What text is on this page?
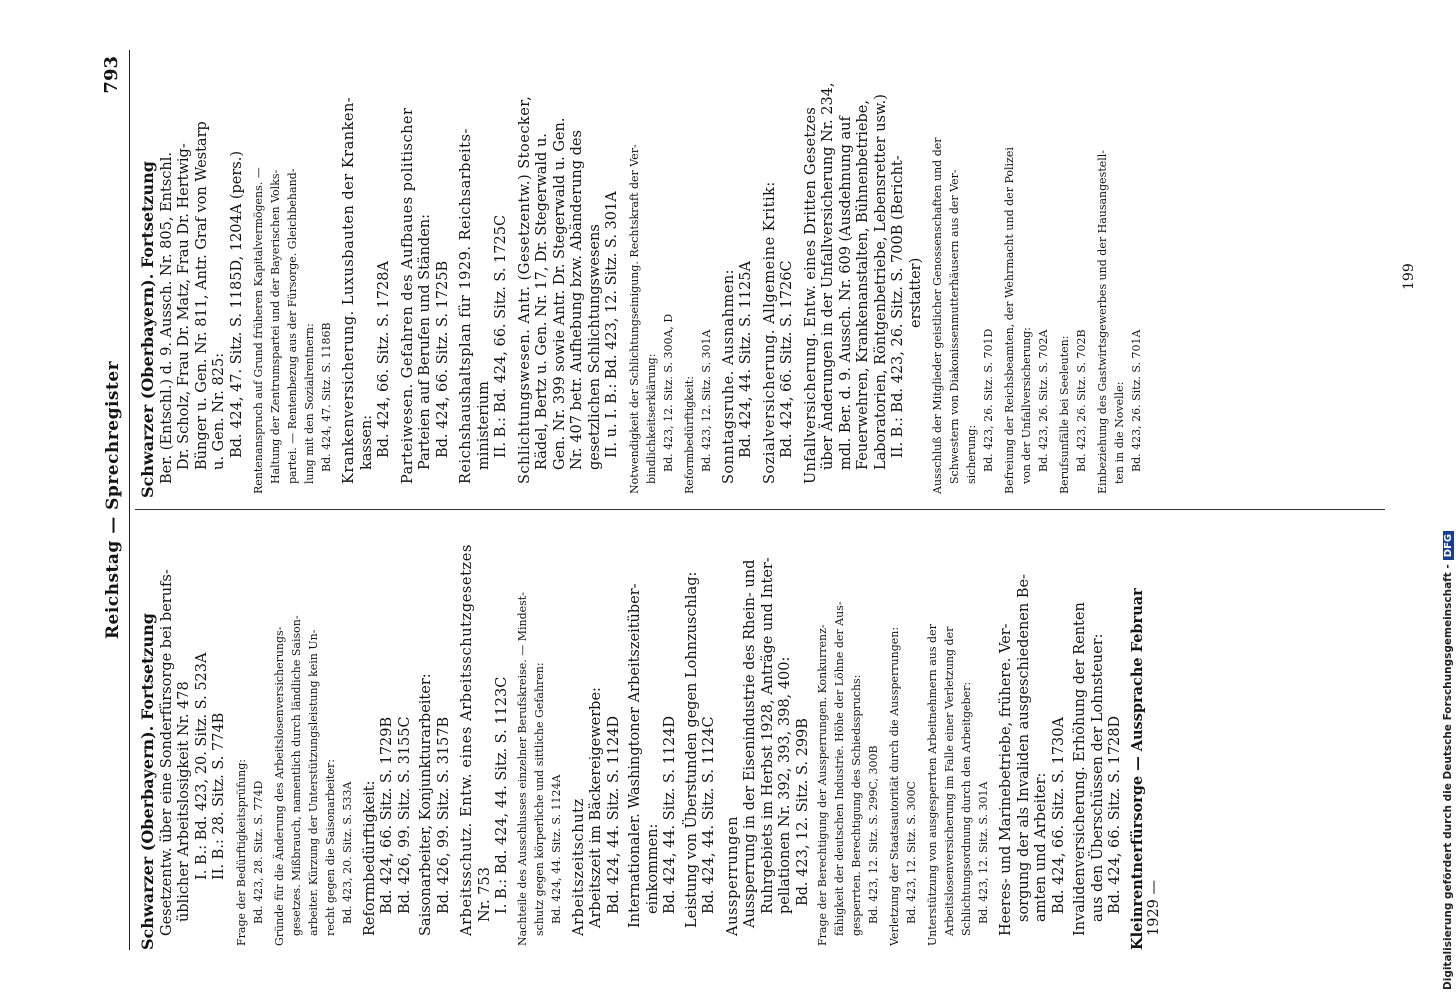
Reichstag — Sprechregister
793

Schwarzer (Oberbayern). Fortsetzung Gesetzentw. über eine Sonderfürsorge bei berufs- üblicher Arbeitslosigkeit Nr. 478 I. B.: Bd. 423, 20. Sitz. S. 523A II. B.: 28. Sitz. S. 774B Frage der Bedürftigkeitsprüfung: Bd. 423, 28. Sitz. S. 774D Gründe für die Änderung des Arbeitslosenversicherungs- gesetzes. Mißbrauch, namentlich durch ländliche Saison- arbeiter. Kürzung der Unterstützungsleistung kein Un- recht gegen die Saisonarbeiter: Bd. 423, 20. Sitz. S. 533A Reformbedürftigkeit: Bd. 424, 66. Sitz. S. 1729B Bd. 426, 99. Sitz. S. 3155C Saisonarbeiter, Konjunkturarbeiter: Bd. 426, 99. Sitz. S. 3157B Arbeitsschutz. Entw. eines Arbeitsschutzgesetzes Nr. 753 I. B.: Bd. 424, 44. Sitz. S. 1123C Nachteile des Ausschlusses einzelner Berufskreise. — Mindest- schutz gegen körperliche und sittliche Gefahren: Bd. 424, 44. Sitz. S. 1124A Arbeitszeitschutz Arbeitszeit im Bäckereigewerbe: Bd. 424, 44. Sitz. S. 1124D Internationaler. Washingtoner Arbeitszeitüber- einkommen: Bd. 424, 44. Sitz. S. 1124D Leistung von Überstunden gegen Lohnzuschlag: Bd. 424, 44. Sitz. S. 1124C Aussperrungen Aussperrung in der Eisenindustrie des Rhein- und Ruhrgebiets im Herbst 1928, Anträge und Inter- pellationen Nr. 392, 393, 398, 400: Bd. 423, 12. Sitz. S. 299B Frage der Berechtigung der Aussperrungen. Konkurrenz- fähigkeit der deutschen Industrie. Höhe der Löhne der Aus- gesperrten. Berechtigung des Schiedsspruchs: Bd. 423, 12. Sitz. S. 299C, 300B Verletzung der Staatsautorität durch die Aussperrungen: Bd. 423, 12. Sitz. S. 300C Unterstützung von ausgesperrten Arbeitnehmern aus der Arbeitslosenversicherung im Falle einer Verletzung der Schlichtungsordnung durch den Arbeitgeber: Bd. 423, 12. Sitz. S. 301A Heeres- und Marinebetriebe, frühere. Ver- sorgung der als Invaliden ausgeschiedenen Be- amten und Arbeiter: Bd. 424, 66. Sitz. S. 1730A Invalidenversicherung. Erhöhung der Renten aus den Überschüssen der Lohnsteuer: Bd. 424, 66. Sitz. S. 1728D Kleinrentnerfürsorge — Aussprache Februar 1929 —

Schwarzer (Oberbayern). Fortsetzung Ber. (Entschl.) d. 9. Aussch. Nr. 805, Entschl. Dr. Scholz, Frau Dr. Matz, Frau Dr. Hertwig- Bünger u. Gen. Nr. 811, Antr. Graf von Westarp u. Gen. Nr. 825: Bd. 424, 47. Sitz. S. 1185D, 1204A (pers.) Rentenanspruch auf Grund früheren Kapitalvermögens. — Haltung der Zentrumspartei und der Bayerischen Volks- partei. — Rentenbezug aus der Fürsorge. Gleichbehand- lung mit den Sozialrentnern: Bd. 424, 47. Sitz. S. 1186B Krankenversicherung. Luxusbauten der Kranken- kassen: Bd. 424, 66. Sitz. S. 1728A Parteiwesen. Gefahren des Aufbaues politischer Parteien auf Berufen und Ständen: Bd. 424, 66. Sitz. S. 1725B Reichshaushaltsplan für 1929. Reichsarbeits- ministerium II. B.: Bd. 424, 66. Sitz. S. 1725C Schlichtungswesen. Antr. (Gesetzentw.) Stoecker, Rädel, Bertz u. Gen. Nr. 17, Dr. Stegerwald u. Gen. Nr. 399 sowie Antr. Dr. Stegerwald u. Gen. Nr. 407 betr. Aufhebung bzw. Abänderung des gesetzlichen Schlichtungswesens II. u. I. B.: Bd. 423, 12. Sitz. S. 301A Notwendigkeit der Schlichtungseinigung. Rechtskraft der Ver- bindlichkeitserklärung: Bd. 423, 12. Sitz. S. 300A, D Reformbedürftigkeit: Bd. 423, 12. Sitz. S. 301A Sonntagsruhe. Ausnahmen: Bd. 424, 44. Sitz. S. 1125A Sozialversicherung. Allgemeine Kritik: Bd. 424, 66. Sitz. S. 1726C Unfallversicherung. Entw. eines Dritten Gesetzes über Änderungen in der Unfallversicherung Nr. 234, mdl. Ber. d. 9. Aussch. Nr. 609 (Ausdehnung auf Feuerwehren, Krankenanstalten, Bühnenbetriebe, Laboratorien, Röntgenbetriebe, Lebensretter usw.) II. B.: Bd. 423, 26. Sitz. S. 700B (Bericht- erstatter) Ausschluß der Mitglieder geistlicher Genossenschaften und der Schwestern von Diakonissenmutterhäusern aus der Ver- sicherung: Bd. 423, 26. Sitz. S. 701D Befreiung der Reichsbeamten, der Wehrmacht und der Polizei von der Unfallversicherung: Bd. 423, 26. Sitz. S. 702A Berufsunfälle bei Seeleuten: Bd. 423, 26. Sitz. S. 702B Einbeziehung des Gastwirtsgewerbes und der Hausangestell- ten in die Novelle: Bd. 423, 26. Sitz. S. 701A

199
Digitalisierung gefördert durch die Deutsche Forschungsgemeinschaft -DFG
